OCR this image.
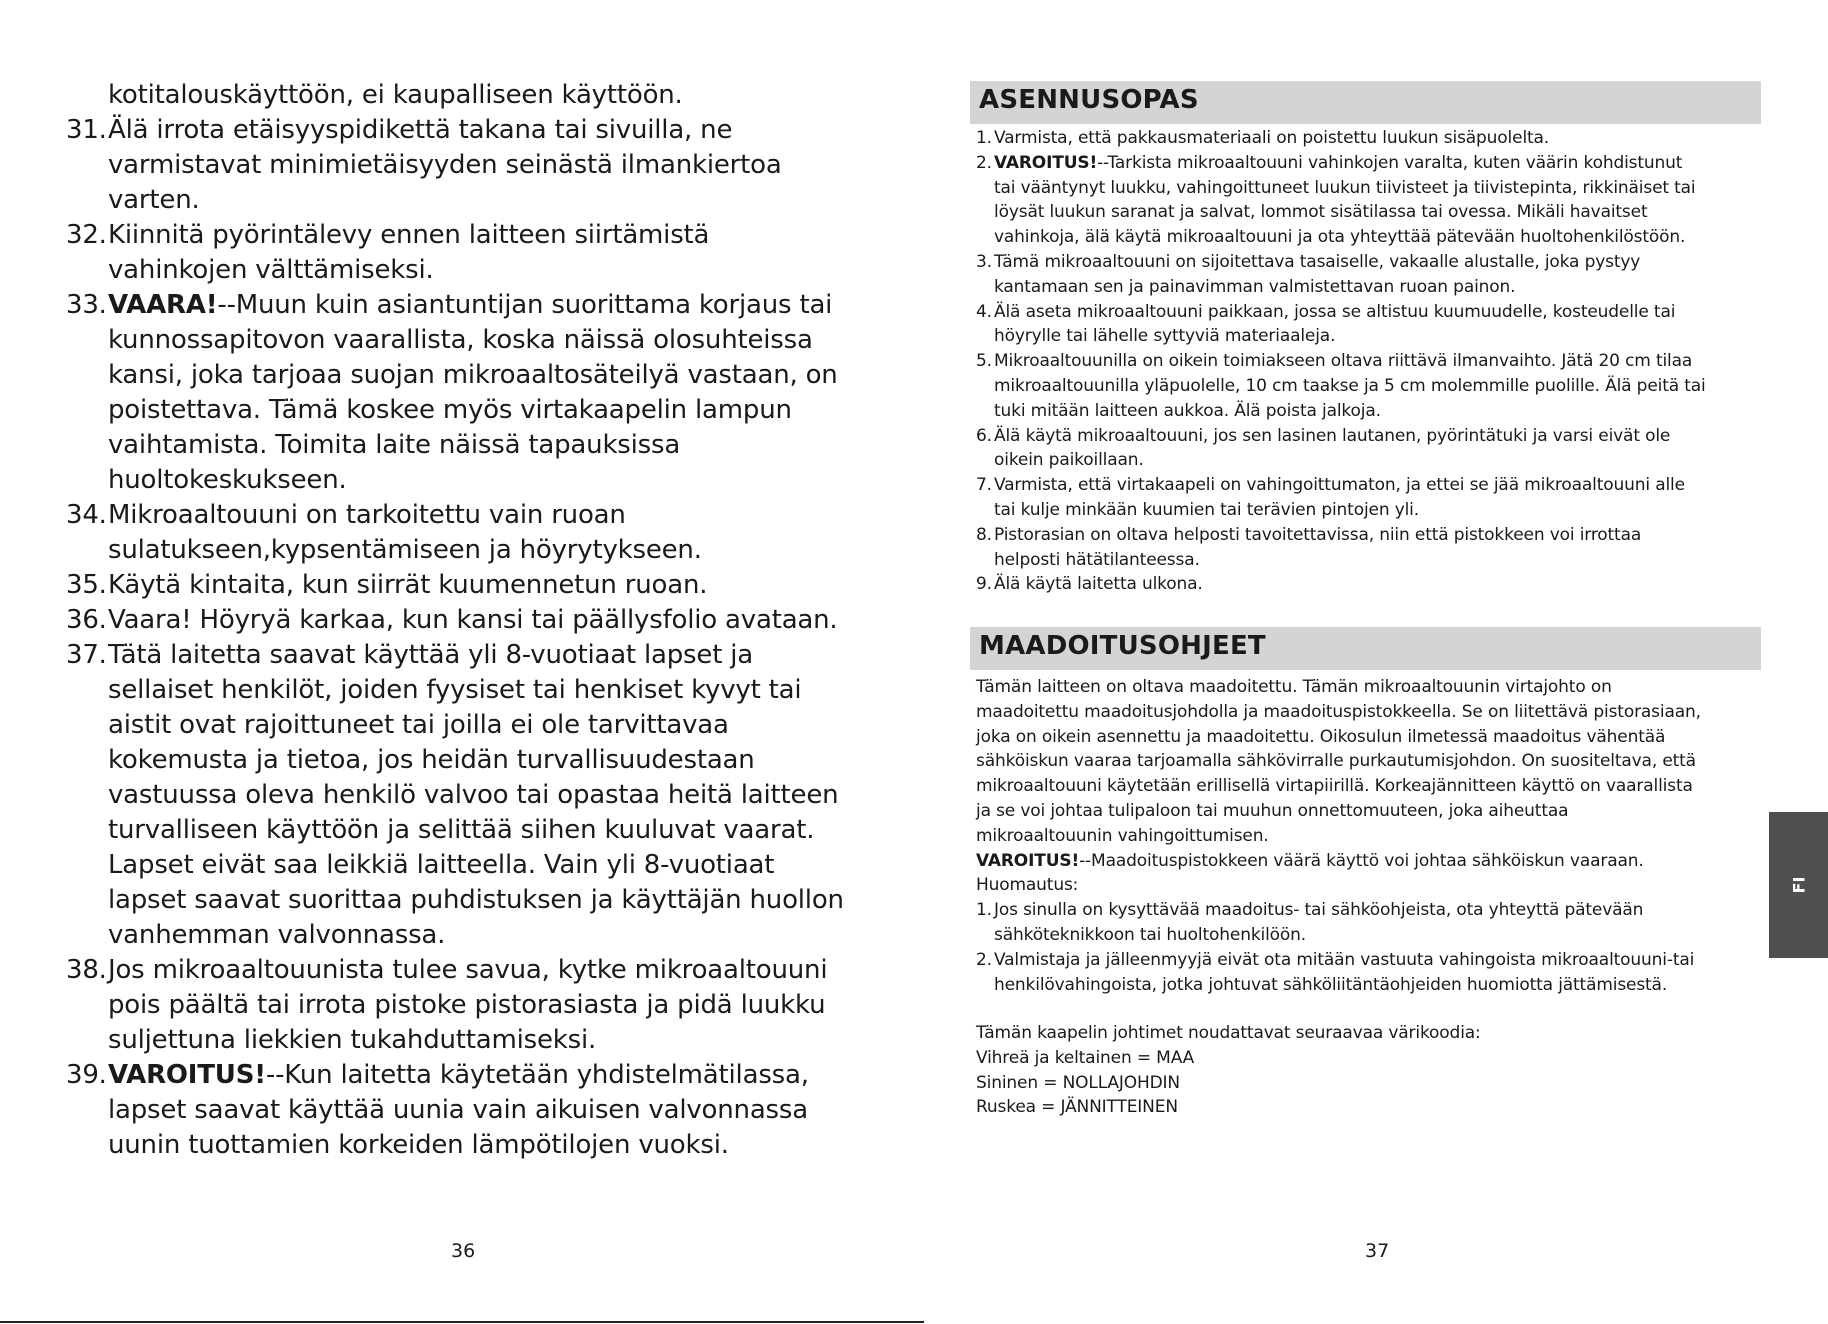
kotitalouskäyttöön, ei kaupalliseen käyttöön.
31. Älä irrota etäisyyspidikettä takana tai sivuilla, ne
varmistavat minimietäisyyden seinästä ilmankiertoa
varten.
32. Kiinnitä pyörintälevy ennen laitteen siirtämistä
vahinkojen välttämiseksi.
33. VAARA!--Muun kuin asiantuntijan suorittama korjaus tai
kunnossapitovon vaarallista, koska näissä olosuhteissa
kansi, joka tarjoaa suojan mikroaaltosäteilyä vastaan, on
poistettava. Tämä koskee myös virtakaapelin lampun
vaihtamista. Toimita laite näissä tapauksissa
huoltokeskukseen.
34. Mikroaaltouuni on tarkoitettu vain ruoan
sulatukseen,kypsentämiseen ja höyrytykseen.
35. Käytä kintaita, kun siirrät kuumennetun ruoan.
36. Vaara! Höyryä karkaa, kun kansi tai päällysfolio avataan.
37. Tätä laitetta saavat käyttää yli 8-vuotiaat lapset ja
sellaiset henkilöt, joiden fyysiset tai henkiset kyvyt tai
aistit ovat rajoittuneet tai joilla ei ole tarvittavaa
kokemusta ja tietoa, jos heidän turvallisuudestaan
vastuussa oleva henkilö valvoo tai opastaa heitä laitteen
turvalliseen käyttöön ja selittää siihen kuuluvat vaarat.
Lapset eivät saa leikkiä laitteella. Vain yli 8-vuotiaat
lapset saavat suorittaa puhdistuksen ja käyttäjän huollon
vanhemman valvonnassa.
38. Jos mikroaaltouunista tulee savua, kytke mikroaaltouuni
pois päältä tai irrota pistoke pistorasiasta ja pidä luukku
suljettuna liekkien tukahduttamiseksi.
39. VAROITUS!--Kun laitetta käytetään yhdistelmätilassa,
lapset saavat käyttää uunia vain aikuisen valvonnassa
uunin tuottamien korkeiden lämpötilojen vuoksi.
36
ASENNUSOPAS
1. Varmista, että pakkausmateriaali on poistettu luukun sisäpuolelta.
2. VAROITUS!--Tarkista mikroaaltouuni vahinkojen varalta, kuten väärin kohdistunut
tai vääntynyt luukku, vahingoittuneet luukun tiivisteet ja tiivistepinta, rikkinäiset tai
löysät luukun saranat ja salvat, lommot sisätilassa tai ovessa. Mikäli havaitset
vahinkoja, älä käytä mikroaaltouuni ja ota yhteyttää pätevään huoltohenkilöstöön.
3. Tämä mikroaaltouuni on sijoitettava tasaiselle, vakaalle alustalle, joka pystyy
kantamaan sen ja painavimman valmistettavan ruoan painon.
4. Älä aseta mikroaaltouuni paikkaan, jossa se altistuu kuumuudelle, kosteudelle tai
höyrylle tai lähelle syttyviä materiaaleja.
5. Mikroaaltouunilla on oikein toimiakseen oltava riittävä ilmanvaihto. Jätä 20 cm tilaa
mikroaaltouunilla yläpuolelle, 10 cm taakse ja 5 cm molemmille puolille. Älä peitä tai
tuki mitään laitteen aukkoa. Älä poista jalkoja.
6. Älä käytä mikroaaltouuni, jos sen lasinen lautanen, pyörintätuki ja varsi eivät ole
oikein paikoillaan.
7. Varmista, että virtakaapeli on vahingoittumaton, ja ettei se jää mikroaaltouuni alle
tai kulje minkään kuumien tai terävien pintojen yli.
8. Pistorasian on oltava helposti tavoitettavissa, niin että pistokkeen voi irrottaa
helposti hätätilanteessa.
9. Älä käytä laitetta ulkona.
MAADOITUSOHJEET
Tämän laitteen on oltava maadoitettu. Tämän mikroaaltouunin virtajohto on
maadoitettu maadoitusjohdolla ja maadoituspistokkeella. Se on liitettävä pistorasiaan,
joka on oikein asennettu ja maadoitettu. Oikosulun ilmetessä maadoitus vähentää
sähköiskun vaaraa tarjoamalla sähkövirralle purkautumisjohdon. On suositeltava, että
mikroaaltouuni käytetään erillisellä virtapiirillä. Korkeajännitteen käyttö on vaarallista
ja se voi johtaa tulipaloon tai muuhun onnettomuuteen, joka aiheuttaa
mikroaaltouunin vahingoittumisen.
VAROITUS!--Maadoituspistokkeen väärä käyttö voi johtaa sähköiskun vaaraan.
Huomautus:
1. Jos sinulla on kysyttävää maadoitus- tai sähköohjeista, ota yhteyttä pätevään
sähköteknikkoon tai huoltohenkilöön.
2. Valmistaja ja jälleenmyyjä eivät ota mitään vastuuta vahingoista mikroaaltouuni-tai
henkilövahingoista, jotka johtuvat sähköliitäntäohjeiden huomiotta jättämisestä.
Tämän kaapelin johtimet noudattavat seuraavaa värikoodia:
Vihreä ja keltainen = MAA
Sininen = NOLLAJOHDIN
Ruskea = JÄNNITTEINEN
37
FI
